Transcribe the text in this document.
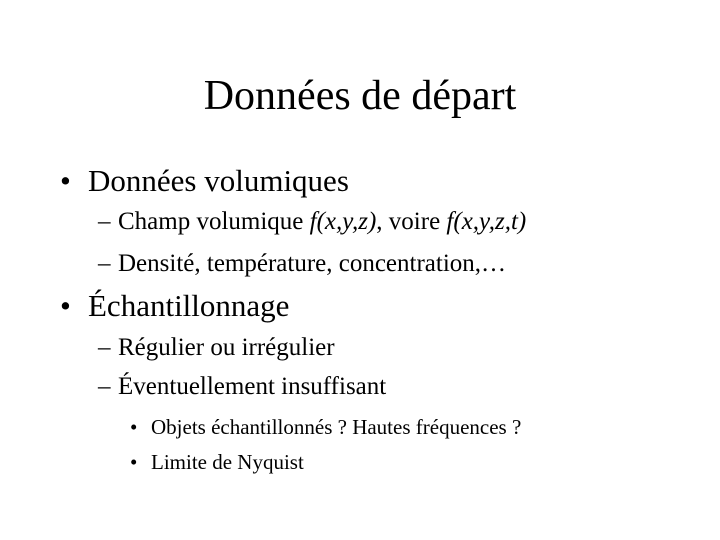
Données de départ
• Données volumiques
– Champ volumique f(x,y,z), voire f(x,y,z,t)
– Densité, température, concentration,…
• Échantillonnage
– Régulier ou irrégulier
– Éventuellement insuffisant
• Objets échantillonnés ? Hautes fréquences ?
• Limite de Nyquist
